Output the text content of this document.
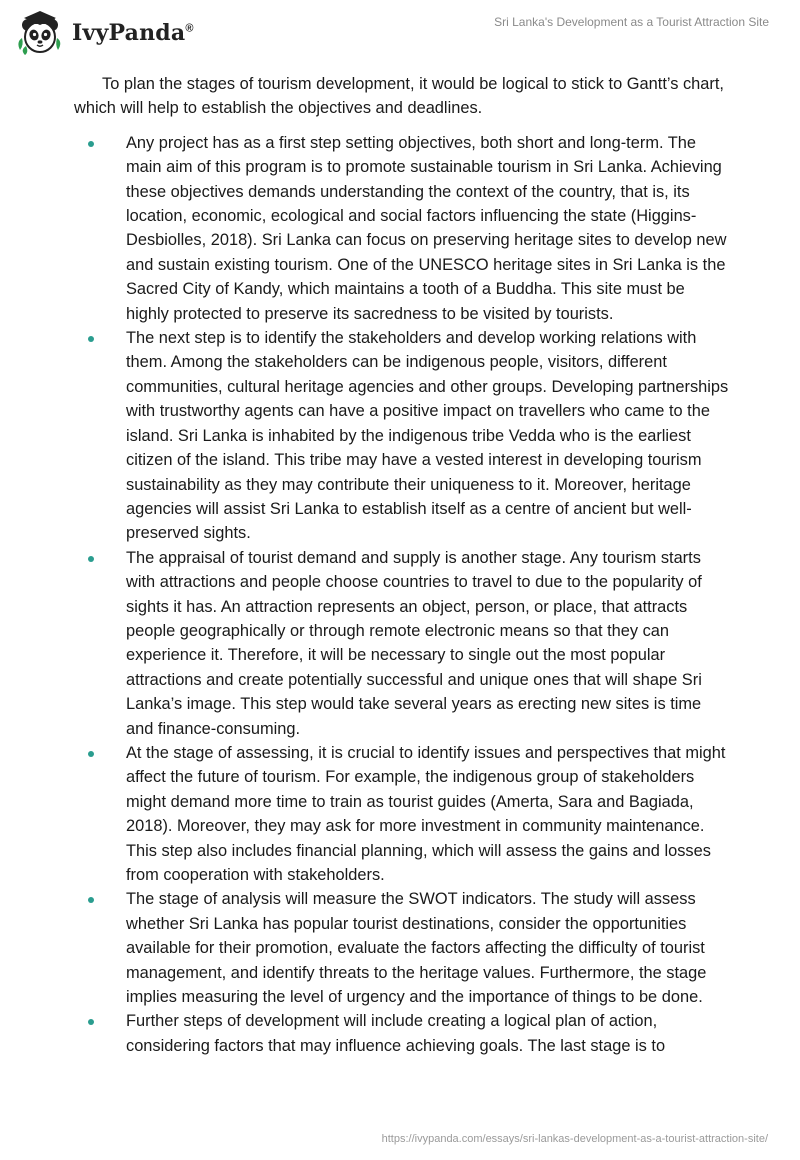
IvyPanda®	Sri Lanka's Development as a Tourist Attraction Site

To plan the stages of tourism development, it would be logical to stick to Gantt’s chart, which will help to establish the objectives and deadlines.

Any project has as a first step setting objectives, both short and long-term. The main aim of this program is to promote sustainable tourism in Sri Lanka. Achieving these objectives demands understanding the context of the country, that is, its location, economic, ecological and social factors influencing the state (Higgins-Desbiolles, 2018). Sri Lanka can focus on preserving heritage sites to develop new and sustain existing tourism. One of the UNESCO heritage sites in Sri Lanka is the Sacred City of Kandy, which maintains a tooth of a Buddha. This site must be highly protected to preserve its sacredness to be visited by tourists.
The next step is to identify the stakeholders and develop working relations with them. Among the stakeholders can be indigenous people, visitors, different communities, cultural heritage agencies and other groups. Developing partnerships with trustworthy agents can have a positive impact on travellers who came to the island. Sri Lanka is inhabited by the indigenous tribe Vedda who is the earliest citizen of the island. This tribe may have a vested interest in developing tourism sustainability as they may contribute their uniqueness to it. Moreover, heritage agencies will assist Sri Lanka to establish itself as a centre of ancient but well-preserved sights.
The appraisal of tourist demand and supply is another stage. Any tourism starts with attractions and people choose countries to travel to due to the popularity of sights it has. An attraction represents an object, person, or place, that attracts people geographically or through remote electronic means so that they can experience it. Therefore, it will be necessary to single out the most popular attractions and create potentially successful and unique ones that will shape Sri Lanka’s image. This step would take several years as erecting new sites is time and finance-consuming.
At the stage of assessing, it is crucial to identify issues and perspectives that might affect the future of tourism. For example, the indigenous group of stakeholders might demand more time to train as tourist guides (Amerta, Sara and Bagiada, 2018). Moreover, they may ask for more investment in community maintenance. This step also includes financial planning, which will assess the gains and losses from cooperation with stakeholders.
The stage of analysis will measure the SWOT indicators. The study will assess whether Sri Lanka has popular tourist destinations, consider the opportunities available for their promotion, evaluate the factors affecting the difficulty of tourist management, and identify threats to the heritage values. Furthermore, the stage implies measuring the level of urgency and the importance of things to be done.
Further steps of development will include creating a logical plan of action, considering factors that may influence achieving goals. The last stage is to
https://ivypanda.com/essays/sri-lankas-development-as-a-tourist-attraction-site/
